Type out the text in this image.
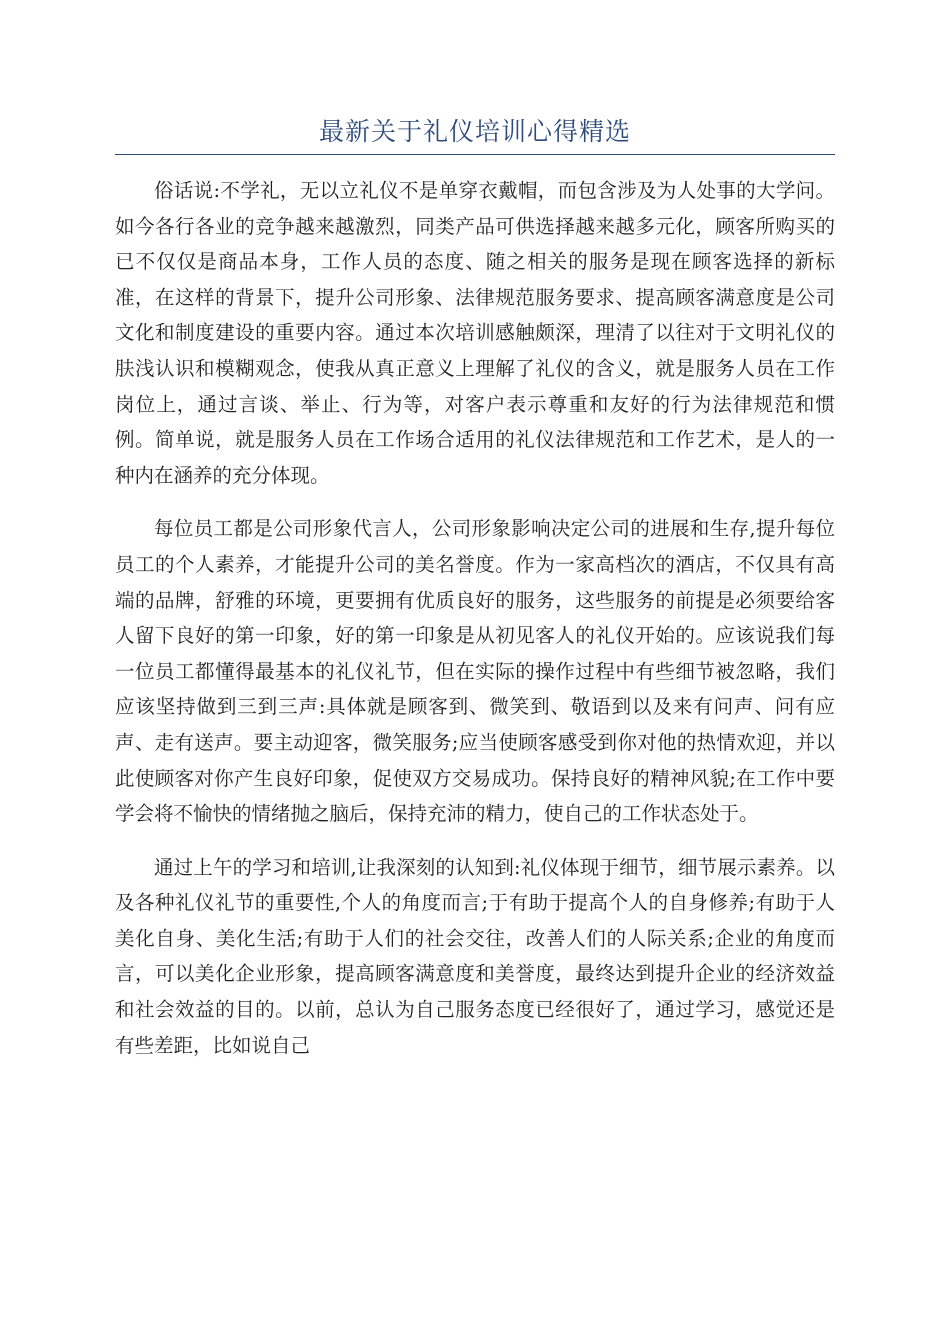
最新关于礼仪培训心得精选

俗话说:不学礼，无以立礼仪不是单穿衣戴帽，而包含涉及为人处事的大学问。如今各行各业的竞争越来越激烈，同类产品可供选择越来越多元化，顾客所购买的已不仅仅是商品本身，工作人员的态度、随之相关的服务是现在顾客选择的新标准，在这样的背景下，提升公司形象、法律规范服务要求、提高顾客满意度是公司文化和制度建设的重要内容。通过本次培训感触颇深，理清了以往对于文明礼仪的肤浅认识和模糊观念，使我从真正意义上理解了礼仪的含义，就是服务人员在工作岗位上，通过言谈、举止、行为等，对客户表示尊重和友好的行为法律规范和惯例。简单说，就是服务人员在工作场合适用的礼仪法律规范和工作艺术，是人的一种内在涵养的充分体现。

每位员工都是公司形象代言人，公司形象影响决定公司的进展和生存,提升每位员工的个人素养，才能提升公司的美名誉度。作为一家高档次的酒店，不仅具有高端的品牌，舒雅的环境，更要拥有优质良好的服务，这些服务的前提是必须要给客人留下良好的第一印象，好的第一印象是从初见客人的礼仪开始的。应该说我们每一位员工都懂得最基本的礼仪礼节，但在实际的操作过程中有些细节被忽略，我们应该坚持做到三到三声:具体就是顾客到、微笑到、敬语到以及来有问声、问有应声、走有送声。要主动迎客，微笑服务;应当使顾客感受到你对他的热情欢迎，并以此使顾客对你产生良好印象，促使双方交易成功。保持良好的精神风貌;在工作中要学会将不愉快的情绪抛之脑后，保持充沛的精力，使自己的工作状态处于。

通过上午的学习和培训,让我深刻的认知到:礼仪体现于细节，细节展示素养。以及各种礼仪礼节的重要性,个人的角度而言;于有助于提高个人的自身修养;有助于人美化自身、美化生活;有助于人们的社会交往，改善人们的人际关系;企业的角度而言，可以美化企业形象，提高顾客满意度和美誉度，最终达到提升企业的经济效益和社会效益的目的。以前，总认为自己服务态度已经很好了，通过学习，感觉还是有些差距，比如说自己
